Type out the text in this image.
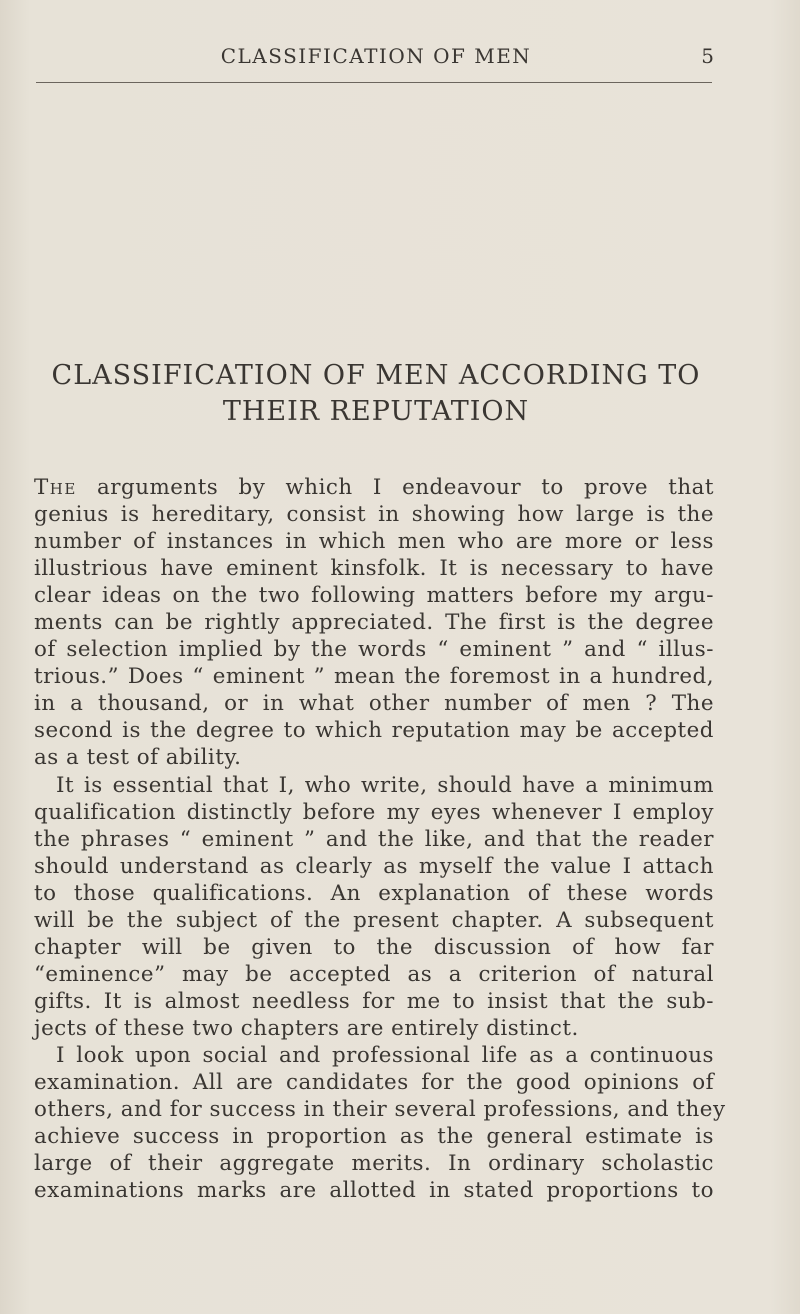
CLASSIFICATION OF MEN	5
CLASSIFICATION OF MEN ACCORDING TO
THEIR REPUTATION
The arguments by which I endeavour to prove that
genius is hereditary, consist in showing how large is the
number of instances in which men who are more or less
illustrious have eminent kinsfolk. It is necessary to have
clear ideas on the two following matters before my argu-
ments can be rightly appreciated. The first is the degree
of selection implied by the words “ eminent ” and “ illus-
trious.” Does “ eminent ” mean the foremost in a hundred,
in a thousand, or in what other number of men ? The
second is the degree to which reputation may be accepted
as a test of ability.
It is essential that I, who write, should have a minimum
qualification distinctly before my eyes whenever I employ
the phrases “ eminent ” and the like, and that the reader
should understand as clearly as myself the value I attach
to those qualifications. An explanation of these words
will be the subject of the present chapter. A subsequent
chapter will be given to the discussion of how far
“eminence” may be accepted as a criterion of natural
gifts. It is almost needless for me to insist that the sub-
jects of these two chapters are entirely distinct.
I look upon social and professional life as a continuous
examination. All are candidates for the good opinions of
others, and for success in their several professions, and they
achieve success in proportion as the general estimate is
large of their aggregate merits. In ordinary scholastic
examinations marks are allotted in stated proportions to
